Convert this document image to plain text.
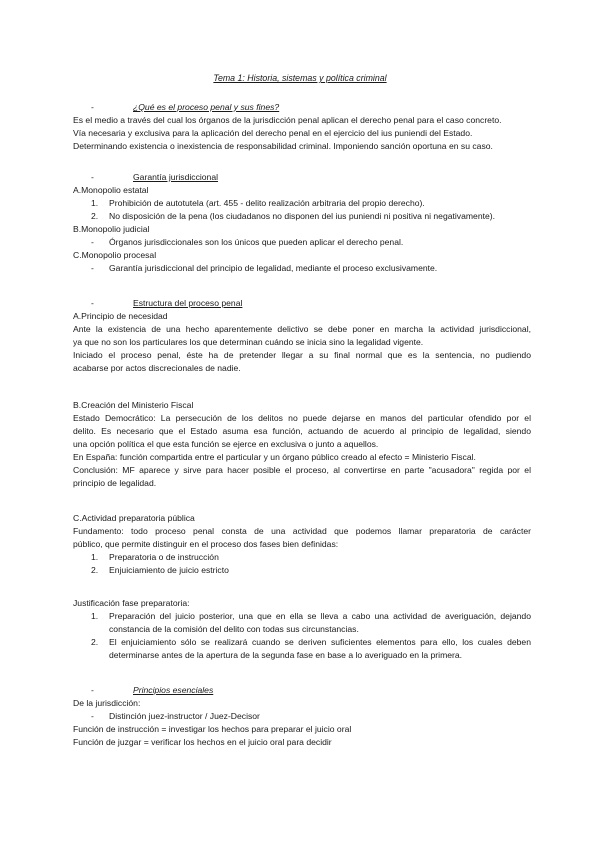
Tema 1: Historia, sistemas y política criminal
-	¿Qué es el proceso penal y sus fines?
Es el medio a través del cual los órganos de la jurisdicción penal aplican el derecho penal para el caso concreto.
Vía necesaria y exclusiva para la aplicación del derecho penal en el ejercicio del ius puniendi del Estado.
Determinando existencia o inexistencia de responsabilidad criminal. Imponiendo sanción oportuna en su caso.
-	Garantía jurisdiccional
A.Monopolio estatal
1. Prohibición de autotutela (art. 455 - delito realización arbitraria del propio derecho).
2. No disposición de la pena (los ciudadanos no disponen del ius puniendi ni positiva ni negativamente).
B.Monopolio judicial
- Órganos jurisdiccionales son los únicos que pueden aplicar el derecho penal.
C.Monopolio procesal
- Garantía jurisdiccional del principio de legalidad, mediante el proceso exclusivamente.
-	Estructura del proceso penal
A.Principio de necesidad
Ante la existencia de una hecho aparentemente delictivo se debe poner en marcha la actividad jurisdiccional,
ya que no son los particulares los que determinan cuándo se inicia sino la legalidad vigente.
Iniciado el proceso penal, éste ha de pretender llegar a su final normal que es la sentencia, no pudiendo
acabarse por actos discrecionales de nadie.
B.Creación del Ministerio Fiscal
Estado Democrático: La persecución de los delitos no puede dejarse en manos del particular ofendido por el
delito. Es necesario que el Estado asuma esa función, actuando de acuerdo al principio de legalidad, siendo
una opción política el que esta función se ejerce en exclusiva o junto a aquellos.
En España: función compartida entre el particular y un órgano público creado al efecto = Ministerio Fiscal.
Conclusión: MF aparece y sirve para hacer posible el proceso, al convertirse en parte "acusadora" regida por el
principio de legalidad.
C.Actividad preparatoria pública
Fundamento: todo proceso penal consta de una actividad que podemos llamar preparatoria de carácter
público, que permite distinguir en el proceso dos fases bien definidas:
1. Preparatoria o de instrucción
2. Enjuiciamiento de juicio estricto
Justificación fase preparatoria:
1. Preparación del juicio posterior, una que en ella se lleva a cabo una actividad de averiguación, dejando
constancia de la comisión del delito con todas sus circunstancias.
2. El enjuiciamiento sólo se realizará cuando se deriven suficientes elementos para ello, los cuales deben
determinarse antes de la apertura de la segunda fase en base a lo averiguado en la primera.
-	Principios esenciales
De la jurisdicción:
- Distinción juez-instructor / Juez-Decisor
Función de instrucción = investigar los hechos para preparar el juicio oral
Función de juzgar = verificar los hechos en el juicio oral para decidir
